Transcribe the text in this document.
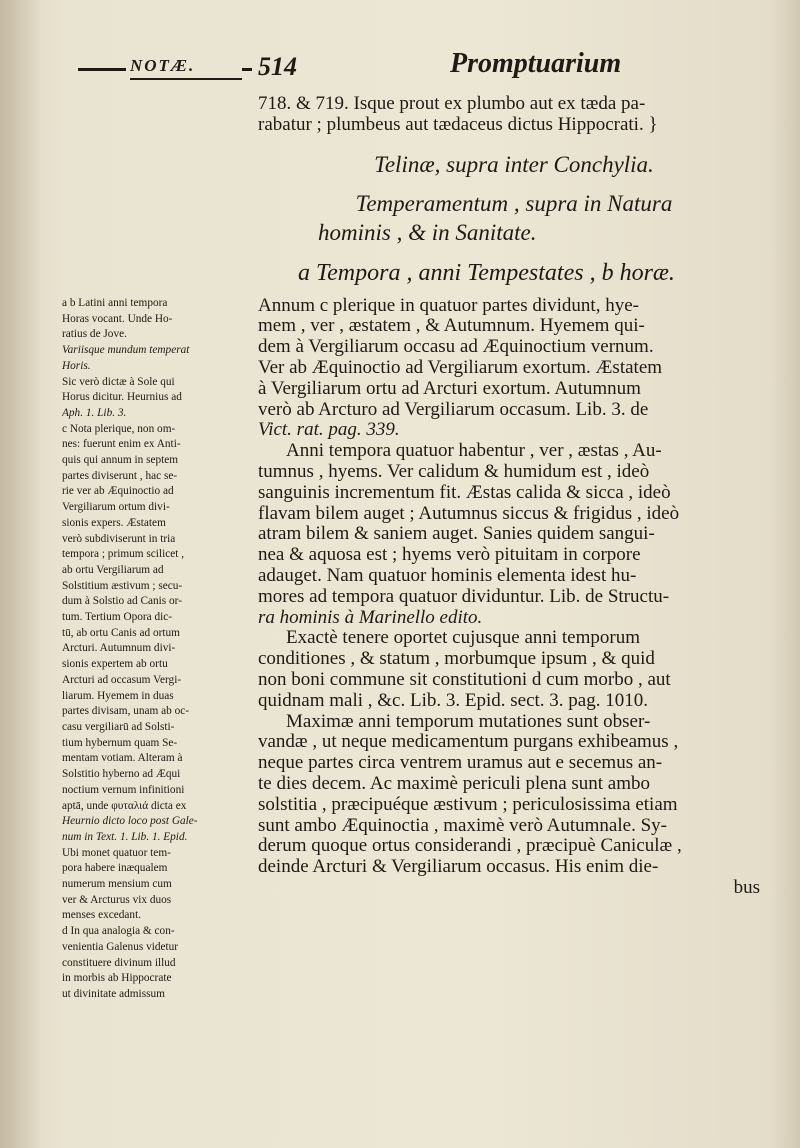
NOTÆ. 514	Promptuarium
718. & 719. Isque prout ex plumbo aut ex tæda pa-
rabatur ; plumbeus aut tædaceus dictus Hippocrati. }
Telinæ, supra inter Conchylia.
Temperamentum , supra in Natura
hominis , & in Sanitate.
a Tempora , anni Tempestates , b horæ.
Annum c plerique in quatuor partes dividunt, hye-
mem , ver , æstatem , & Autumnum. Hyemem qui-
dem à Vergiliarum occasu ad Æquinoctium vernum.
Ver ab Æquinoctio ad Vergiliarum exortum. Æstatem
à Vergiliarum ortu ad Arcturi exortum. Autumnum
verò ab Arcturo ad Vergiliarum occasum. Lib. 3. de
Vict. rat. pag. 339.
Anni tempora quatuor habentur , ver , æstas , Au-
tumnus , hyems. Ver calidum & humidum est , ideò
sanguinis incrementum fit. Æstas calida & sicca , ideò
flavam bilem auget ; Autumnus siccus & frigidus , ideò
atram bilem & saniem auget. Sanies quidem sangui-
nea & aquosa est ; hyems verò pituitam in corpore
adauget. Nam quatuor hominis elementa idest hu-
mores ad tempora quatuor dividuntur. Lib. de Structu-
ra hominis à Marinello edito.
Exactè tenere oportet cujusque anni temporum
conditiones , & statum , morbumque ipsum , & quid
non boni commune sit constitutioni d cum morbo , aut
quidnam mali , &c. Lib. 3. Epid. sect. 3. pag. 1010.
Maximæ anni temporum mutationes sunt obser-
vandæ , ut neque medicamentum purgans exhibeamus ,
neque partes circa ventrem uramus aut e secemus an-
te dies decem. Ac maximè periculi plena sunt ambo
solstitia , præcipuéque æstivum ; periculosissima etiam
sunt ambo Æquinoctia , maximè verò Autumnale. Sy-
derum quoque ortus considerandi , præcipuè Caniculæ ,
deinde Arcturi & Vergiliarum occasus. His enim die-
bus
a b Latini anni tempora
Horas vocant. Unde Ho-
ratius de Jove.
Variisque mundum temperat
Horis.
Sic verò dictæ à Sole qui
Horus dicitur. Heurnius ad
Aph. 1. Lib. 3.
c Nota plerique, non om-
nes: fuerunt enim ex Anti-
quis qui annum in septem
partes diviserunt , hac se-
rie ver ab Æquinoctio ad
Vergiliarum ortum divi-
sionis expers. Æstatem
verò subdiviserunt in tria
tempora ; primum scilicet ,
ab ortu Vergiliarum ad
Solstitium æstivum ; secu-
dum à Solstio ad Canis or-
tum. Tertium Opora dic-
tū, ab ortu Canis ad ortum
Arcturi. Autumnum divi-
sionis expertem ab ortu
Arcturi ad occasum Vergi-
liarum. Hyemem in duas
partes divisam, unam ab oc-
casu vergiliarū ad Solsti-
tium hybernum quam Se-
mentam votiam. Alteram à
Solstitio hyberno ad Æqui
noctium vernum infinitioni
aptā, unde φυταλιά dicta ex
Heurnio dicto loco post Gale-
num in Text. 1. Lib. 1. Epid.
Ubi monet quatuor tem-
pora habere inæqualem
numerum mensium cum
ver & Arcturus vix duos
menses excedant.
d In qua analogia & con-
venientia Galenus videtur
constituere divinum illud
in morbis ab Hippocrate
ut divinitate admissum
